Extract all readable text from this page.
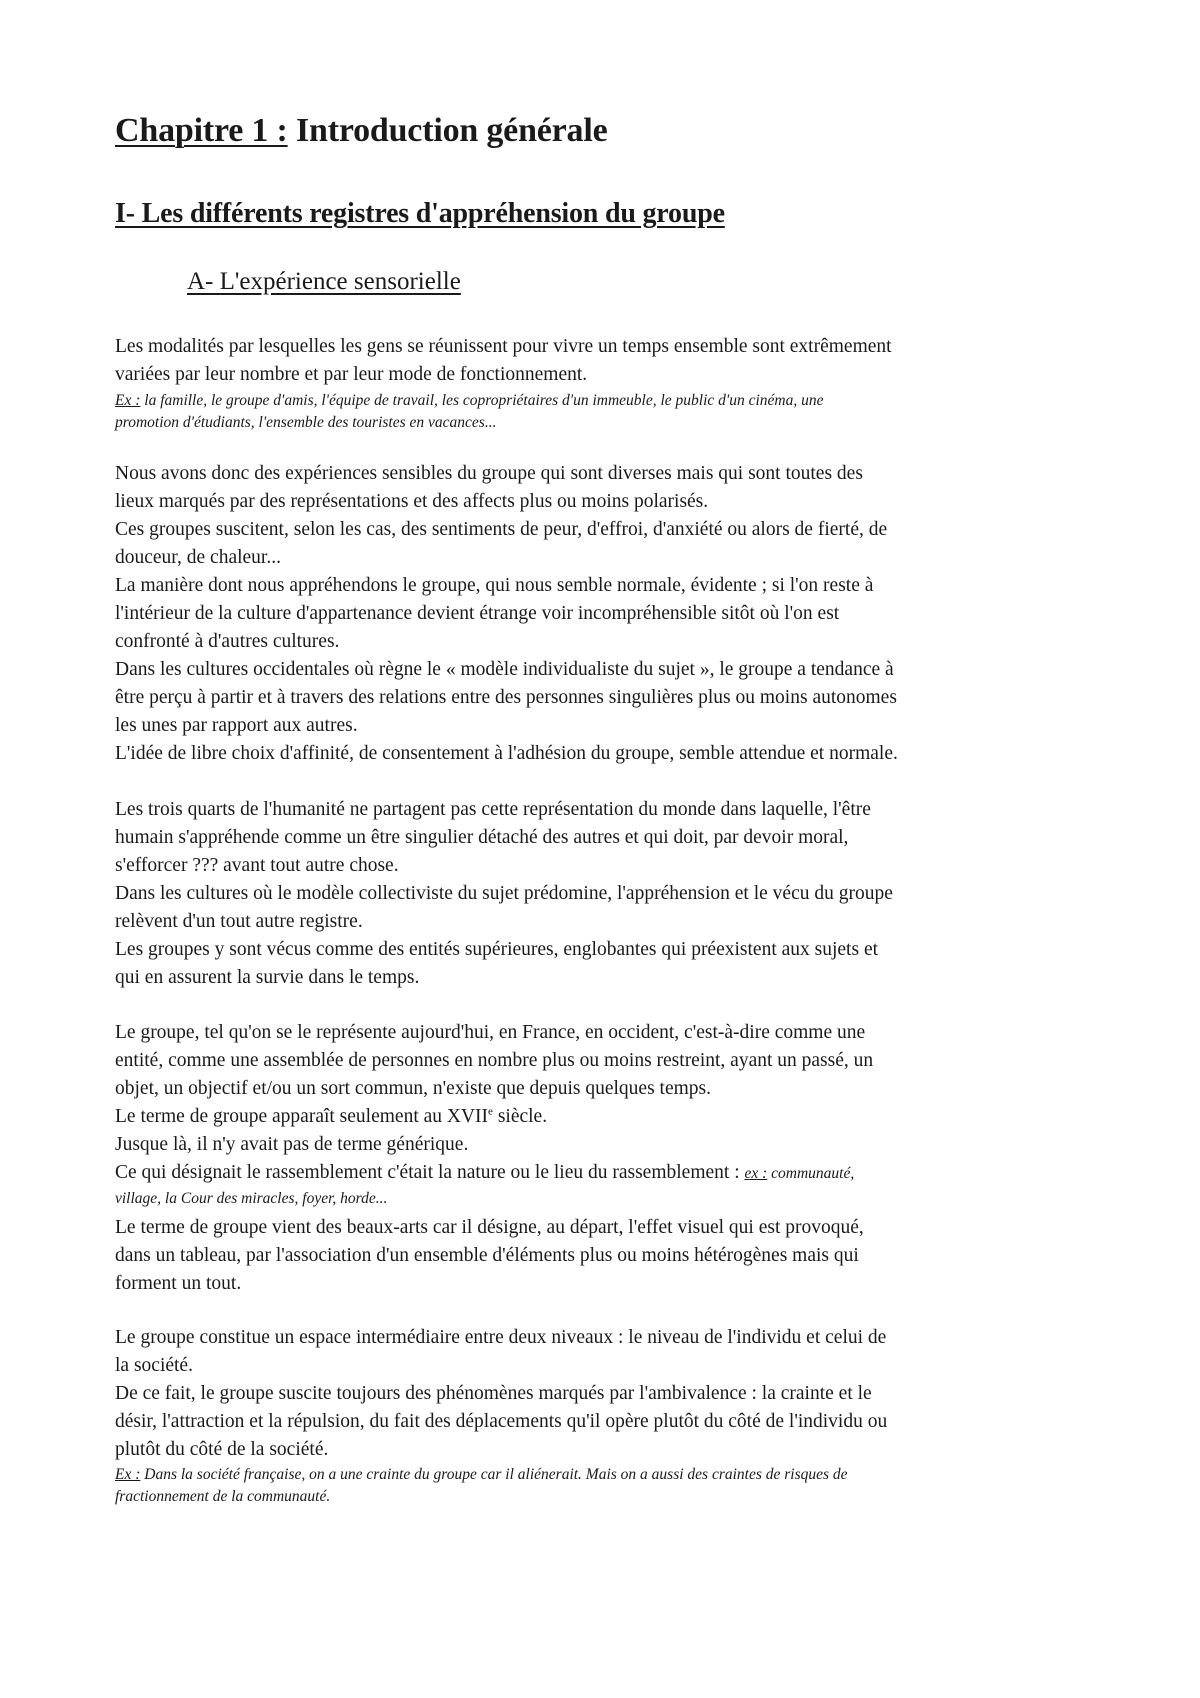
Chapitre 1 : Introduction générale
I- Les différents registres d'appréhension du groupe
A- L'expérience sensorielle

Les modalités par lesquelles les gens se réunissent pour vivre un temps ensemble sont extrêmement
variées par leur nombre et par leur mode de fonctionnement.

Ex : la famille, le groupe d'amis, l'équipe de travail, les copropriétaires d'un immeuble, le public d'un cinéma, une
promotion d'étudiants, l'ensemble des touristes en vacances...

Nous avons donc des expériences sensibles du groupe qui sont diverses mais qui sont toutes des
lieux marqués par des représentations et des affects plus ou moins polarisés.
Ces groupes suscitent, selon les cas, des sentiments de peur, d'effroi, d'anxiété ou alors de fierté, de
douceur, de chaleur...
La manière dont nous appréhendons le groupe, qui nous semble normale, évidente ; si l'on reste à
l'intérieur de la culture d'appartenance devient étrange voir incompréhensible sitôt où l'on est
confronté à d'autres cultures.
Dans les cultures occidentales où règne le « modèle individualiste du sujet », le groupe a tendance à
être perçu à partir et à travers des relations entre des personnes singulières plus ou moins autonomes
les unes par rapport aux autres.
L'idée de libre choix d'affinité, de consentement à l'adhésion du groupe, semble attendue et normale.

Les trois quarts de l'humanité ne partagent pas cette représentation du monde dans laquelle, l'être
humain s'appréhende comme un être singulier détaché des autres et qui doit, par devoir moral,
s'efforcer ??? avant tout autre chose.
Dans les cultures où le modèle collectiviste du sujet prédomine, l'appréhension et le vécu du groupe
relèvent d'un tout autre registre.
Les groupes y sont vécus comme des entités supérieures, englobantes qui préexistent aux sujets et
qui en assurent la survie dans le temps.

Le groupe, tel qu'on se le représente aujourd'hui, en France, en occident, c'est-à-dire comme une
entité, comme une assemblée de personnes en nombre plus ou moins restreint, ayant un passé, un
objet, un objectif et/ou un sort commun, n'existe que depuis quelques temps.
Le terme de groupe apparaît seulement au XVIIe siècle.
Jusque là, il n'y avait pas de terme générique.
Ce qui désignait le rassemblement c'était la nature ou le lieu du rassemblement : ex : communauté,
village, la Cour des miracles, foyer, horde...
Le terme de groupe vient des beaux-arts car il désigne, au départ, l'effet visuel qui est provoqué,
dans un tableau, par l'association d'un ensemble d'éléments plus ou moins hétérogènes mais qui
forment un tout.

Le groupe constitue un espace intermédiaire entre deux niveaux : le niveau de l'individu et celui de
la société.
De ce fait, le groupe suscite toujours des phénomènes marqués par l'ambivalence : la crainte et le
désir, l'attraction et la répulsion, du fait des déplacements qu'il opère plutôt du côté de l'individu ou
plutôt du côté de la société.

Ex : Dans la société française, on a une crainte du groupe car il aliénerait. Mais on a aussi des craintes de risques de
fractionnement de la communauté.
